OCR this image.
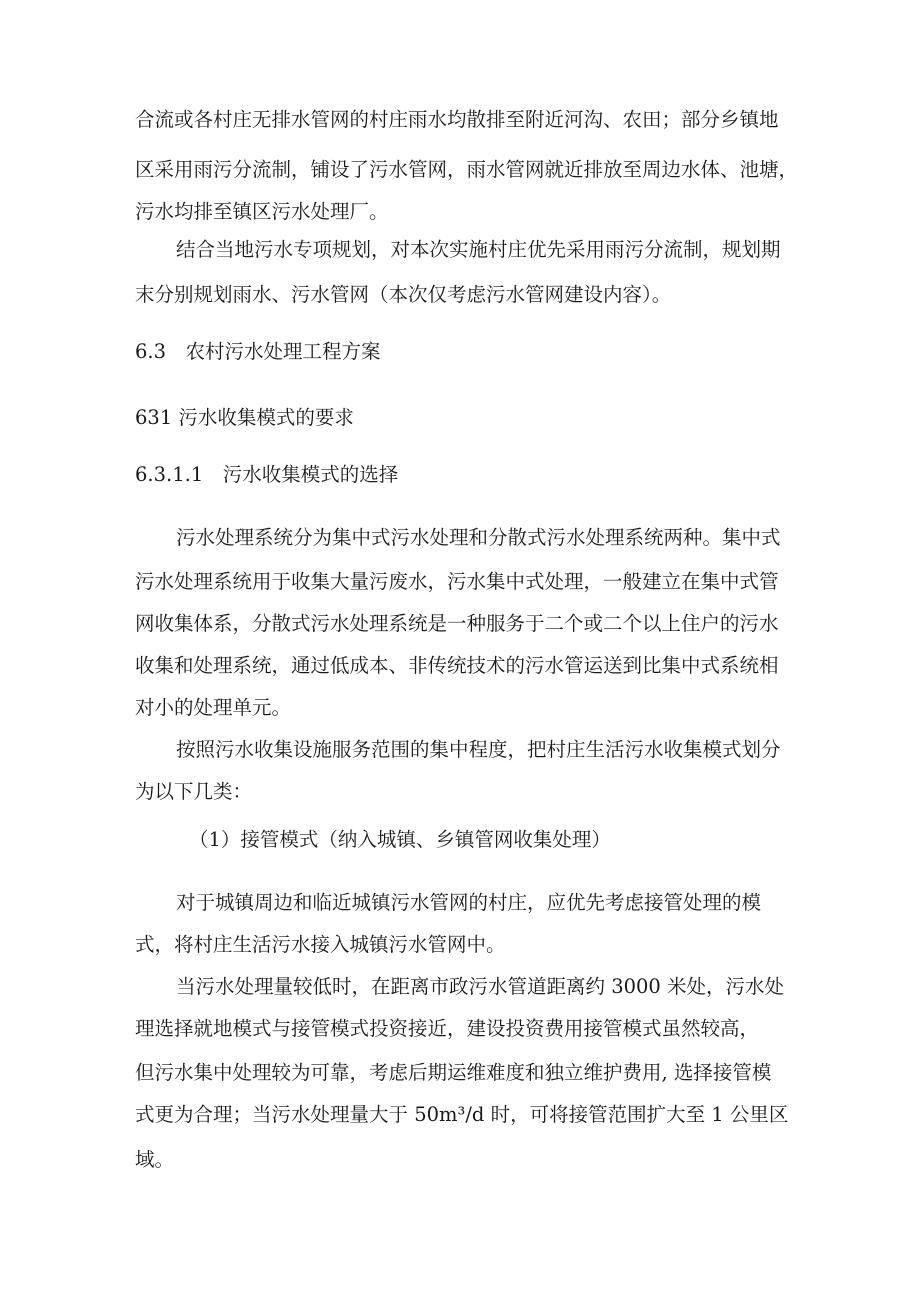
合流或各村庄无排水管网的村庄雨水均散排至附近河沟、农田；部分乡镇地
区采用雨污分流制，铺设了污水管网，雨水管网就近排放至周边水体、池塘，
污水均排至镇区污水处理厂。
结合当地污水专项规划，对本次实施村庄优先采用雨污分流制，规划期
末分别规划雨水、污水管网（本次仅考虑污水管网建设内容）。
6.3　农村污水处理工程方案
631 污水收集模式的要求
6.3.1.1　污水收集模式的选择
污水处理系统分为集中式污水处理和分散式污水处理系统两种。集中式
污水处理系统用于收集大量污废水，污水集中式处理，一般建立在集中式管
网收集体系，分散式污水处理系统是一种服务于二个或二个以上住户的污水
收集和处理系统，通过低成本、非传统技术的污水管运送到比集中式系统相
对小的处理单元。
按照污水收集设施服务范围的集中程度，把村庄生活污水收集模式划分
为以下几类：
（1）接管模式（纳入城镇、乡镇管网收集处理）
对于城镇周边和临近城镇污水管网的村庄，应优先考虑接管处理的模
式，将村庄生活污水接入城镇污水管网中。
当污水处理量较低时，在距离市政污水管道距离约 3000 米处，污水处
理选择就地模式与接管模式投资接近，建设投资费用接管模式虽然较高，
但污水集中处理较为可靠，考虑后期运维难度和独立维护费用, 选择接管模
式更为合理；当污水处理量大于 50m³/d 时，可将接管范围扩大至 1 公里区
域。
